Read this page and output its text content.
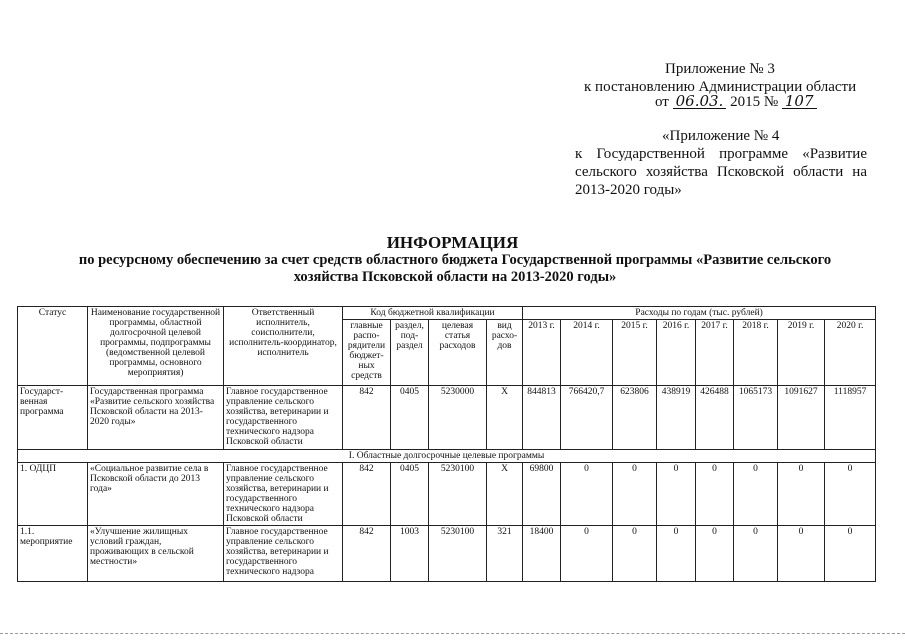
Приложение № 3
к постановлению Администрации области
от 06.03. 2015 № 107
«Приложение № 4
к Государственной программе «Развитие сельского хозяйства Псковской области на 2013-2020 годы»
ИНФОРМАЦИЯ
по ресурсному обеспечению за счет средств областного бюджета Государственной программы «Развитие сельского хозяйства Псковской области на 2013-2020 годы»
Статус	Наименование государственной программы, областной долгосрочной целевой программы, подпрограммы (ведомственной целевой программы, основного мероприятия)	Ответственный исполнитель, соисполнители, исполнитель-координатор, исполнитель	Код бюджетной квалификации				Расходы по годам (тыс. рублей)							
			главные распо-рядители бюджет-ных средств	раздел, под-раздел	целевая статья расходов	вид расхо-дов	2013 г.	2014 г.	2015 г.	2016 г.	2017 г.	2018 г.	2019 г.	2020 г.
Государст-венная программа	Государственная программа «Развитие сельского хозяйства Псковской области на 2013-2020 годы»	Главное государственное управление сельского хозяйства, ветеринарии и государственного технического надзора Псковской области	842	0405	5230000	X	844813	766420,7	623806	438919	426488	1065173	1091627	1118957
I. Областные долгосрочные целевые программы														
1. ОДЦП	«Социальное развитие села в Псковской области до 2013 года»	Главное государственное управление сельского хозяйства, ветеринарии и государственного технического надзора Псковской области	842	0405	5230100	X	69800	0	0	0	0	0	0	0
1.1. мероприятие	«Улучшение жилищных условий граждан, проживающих в сельской местности»	Главное государственное управление сельского хозяйства, ветеринарии и государственного технического надзора	842	1003	5230100	321	18400	0	0	0	0	0	0	0
